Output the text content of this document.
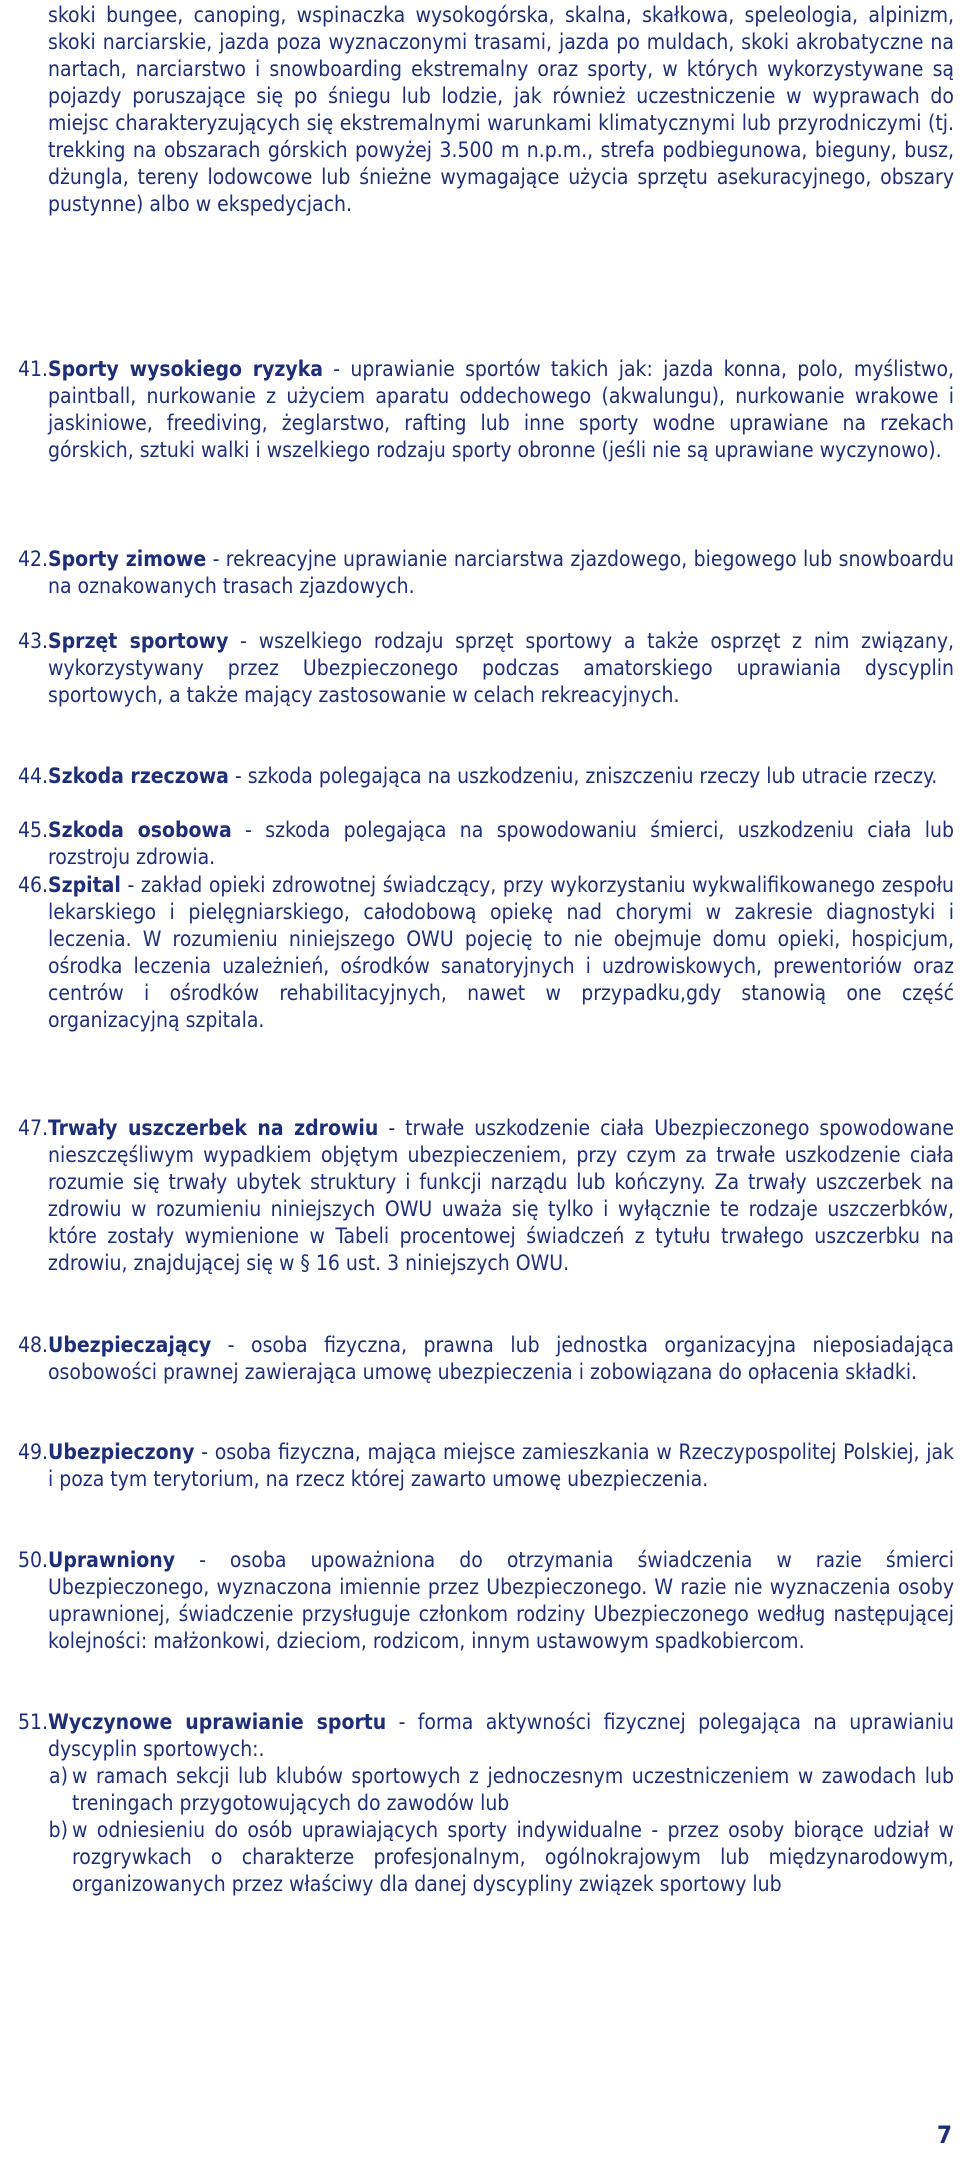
skoki bungee, canoping, wspinaczka wysokogórska, skalna, skałkowa, speleologia, alpinizm, skoki narciarskie, jazda poza wyznaczonymi trasami, jazda po muldach, skoki akrobatyczne na nartach, narciarstwo i snowboarding ekstremalny oraz sporty, w których wykorzystywane są pojazdy poruszające się po śniegu lub lodzie, jak również uczestniczenie w wyprawach do miejsc charakteryzujących się ekstremalnymi warunkami klimatycznymi lub przyrodniczymi (tj. trekking na obszarach górskich powyżej 3.500 m n.p.m., strefa podbiegunowa, bieguny, busz, dżungla, tereny lodowcowe lub śnieżne wymagające użycia sprzętu asekuracyjnego, obszary pustynne) albo w ekspedycjach.
41. Sporty wysokiego ryzyka - uprawianie sportów takich jak: jazda konna, polo, myślistwo, paintball, nurkowanie z użyciem aparatu oddechowego (akwalungu), nurkowanie wrakowe i jaskiniowe, freediving, żeglarstwo, rafting lub inne sporty wodne uprawiane na rzekach górskich, sztuki walki i wszelkiego rodzaju sporty obronne (jeśli nie są uprawiane wyczynowo).
42. Sporty zimowe - rekreacyjne uprawianie narciarstwa zjazdowego, biegowego lub snowboardu na oznakowanych trasach zjazdowych.
43. Sprzęt sportowy - wszelkiego rodzaju sprzęt sportowy a także osprzęt z nim związany, wykorzystywany przez Ubezpieczonego podczas amatorskiego uprawiania dyscyplin sportowych, a także mający zastosowanie w celach rekreacyjnych.
44. Szkoda rzeczowa - szkoda polegająca na uszkodzeniu, zniszczeniu rzeczy lub utracie rzeczy.
45. Szkoda osobowa - szkoda polegająca na spowodowaniu śmierci, uszkodzeniu ciała lub rozstroju zdrowia.
46. Szpital - zakład opieki zdrowotnej świadczący, przy wykorzystaniu wykwalifikowanego zespołu lekarskiego i pielęgniarskiego, całodobową opiekę nad chorymi w zakresie diagnostyki i leczenia. W rozumieniu niniejszego OWU pojecię to nie obejmuje domu opieki, hospicjum, ośrodka leczenia uzależnień, ośrodków sanatoryjnych i uzdrowiskowych, prewentoriów oraz centrów i ośrodków rehabilitacyjnych, nawet w przypadku,gdy stanowią one część organizacyjną szpitala.
47. Trwały uszczerbek na zdrowiu - trwałe uszkodzenie ciała Ubezpieczonego spowodowane nieszczęśliwym wypadkiem objętym ubezpieczeniem, przy czym za trwałe uszkodzenie ciała rozumie się trwały ubytek struktury i funkcji narządu lub kończyny. Za trwały uszczerbek na zdrowiu w rozumieniu niniejszych OWU uważa się tylko i wyłącznie te rodzaje uszczerbków, które zostały wymienione w Tabeli procentowej świadczeń z tytułu trwałego uszczerbku na zdrowiu, znajdującej się w § 16 ust. 3 niniejszych OWU.
48. Ubezpieczający - osoba fizyczna, prawna lub jednostka organizacyjna nieposiadająca osobowości prawnej zawierająca umowę ubezpieczenia i zobowiązana do opłacenia składki.
49. Ubezpieczony - osoba fizyczna, mająca miejsce zamieszkania w Rzeczypospolitej Polskiej, jak i poza tym terytorium, na rzecz której zawarto umowę ubezpieczenia.
50. Uprawniony - osoba upoważniona do otrzymania świadczenia w razie śmierci Ubezpieczonego, wyznaczona imiennie przez Ubezpieczonego. W razie nie wyznaczenia osoby uprawnionej, świadczenie przysługuje członkom rodziny Ubezpieczonego według następującej kolejności: małżonkowi, dzieciom, rodzicom, innym ustawowym spadkobiercom.
51. Wyczynowe uprawianie sportu - forma aktywności fizycznej polegająca na uprawianiu dyscyplin sportowych:.
a) w ramach sekcji lub klubów sportowych z jednoczesnym uczestniczeniem w zawodach lub treningach przygotowujących do zawodów lub
b) w odniesieniu do osób uprawiających sporty indywidualne - przez osoby biorące udział w rozgrywkach o charakterze profesjonalnym, ogólnokrajowym lub międzynarodowym, organizowanych przez właściwy dla danej dyscypliny związek sportowy lub
7
